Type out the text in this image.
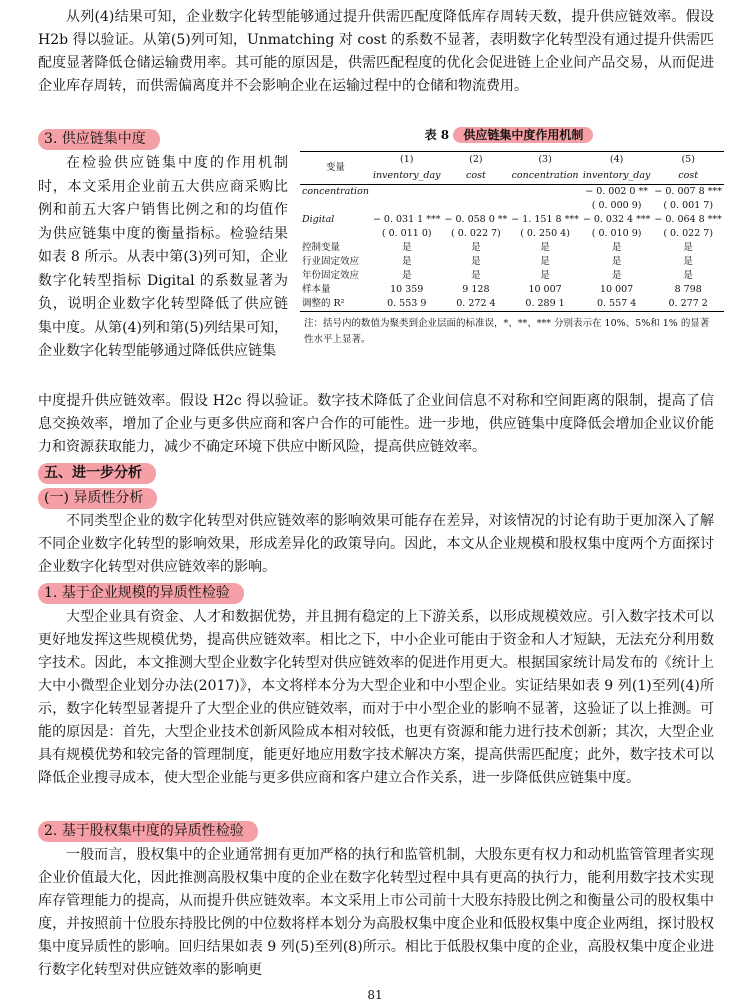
从列(4)结果可知，企业数字化转型能够通过提升供需匹配度降低库存周转天数，提升供应链效率。假设 H2b 得以验证。从第(5)列可知，Unmatching 对 cost 的系数不显著，表明数字化转型没有通过提升供需匹配度显著降低仓储运输费用率。其可能的原因是，供需匹配程度的优化会促进链上企业间产品交易，从而促进企业库存周转，而供需偏离度并不会影响企业在运输过程中的仓储和物流费用。
3. 供应链集中度
在检验供应链集中度的作用机制时，本文采用企业前五大供应商采购比例和前五大客户销售比例之和的均值作为供应链集中度的衡量指标。检验结果如表 8 所示。从表中第(3)列可知，企业数字化转型指标 Digital 的系数显著为负，说明企业数字化转型降低了供应链集中度。从第(4)列和第(5)列结果可知，企业数字化转型能够通过降低供应链集
表 8 供应链集中度作用机制
变量	(1)	(2)	(3)	(4)	(5)
	inventory_day	cost	concentration	inventory_day	cost
concentration				− 0. 002 0 **	− 0. 007 8 ***
				( 0. 000 9)	( 0. 001 7)
Digital	− 0. 031 1 ***	− 0. 058 0 **	− 1. 151 8 ***	− 0. 032 4 ***	− 0. 064 8 ***
	( 0. 011 0)	( 0. 022 7)	( 0. 250 4)	( 0. 010 9)	( 0. 022 7)
控制变量	是	是	是	是	是
行业固定效应	是	是	是	是	是
年份固定效应	是	是	是	是	是
样本量	10 359	9 128	10 007	10 007	8 798
调整的 R²	0. 553 9	0. 272 4	0. 289 1	0. 557 4	0. 277 2
注：括号内的数值为聚类到企业层面的标准误，*、**、*** 分别表示在 10%、5%和 1% 的显著性水平上显著。
中度提升供应链效率。假设 H2c 得以验证。数字技术降低了企业间信息不对称和空间距离的限制，提高了信息交换效率，增加了企业与更多供应商和客户合作的可能性。进一步地，供应链集中度降低会增加企业议价能力和资源获取能力，减少不确定环境下供应中断风险，提高供应链效率。
五、进一步分析
(一) 异质性分析
不同类型企业的数字化转型对供应链效率的影响效果可能存在差异，对该情况的讨论有助于更加深入了解不同企业数字化转型的影响效果，形成差异化的政策导向。因此，本文从企业规模和股权集中度两个方面探讨企业数字化转型对供应链效率的影响。
1. 基于企业规模的异质性检验
大型企业具有资金、人才和数据优势，并且拥有稳定的上下游关系，以形成规模效应。引入数字技术可以更好地发挥这些规模优势，提高供应链效率。相比之下，中小企业可能由于资金和人才短缺，无法充分利用数字技术。因此，本文推测大型企业数字化转型对供应链效率的促进作用更大。根据国家统计局发布的《统计上大中小微型企业划分办法(2017)》，本文将样本分为大型企业和中小型企业。实证结果如表 9 列(1)至列(4)所示，数字化转型显著提升了大型企业的供应链效率，而对于中小型企业的影响不显著，这验证了以上推测。可能的原因是：首先，大型企业技术创新风险成本相对较低，也更有资源和能力进行技术创新；其次，大型企业具有规模优势和较完备的管理制度，能更好地应用数字技术解决方案，提高供需匹配度；此外，数字技术可以降低企业搜寻成本，使大型企业能与更多供应商和客户建立合作关系，进一步降低供应链集中度。
2. 基于股权集中度的异质性检验
一般而言，股权集中的企业通常拥有更加严格的执行和监管机制，大股东更有权力和动机监管管理者实现企业价值最大化，因此推测高股权集中度的企业在数字化转型过程中具有更高的执行力，能利用数字技术实现库存管理能力的提高，从而提升供应链效率。本文采用上市公司前十大股东持股比例之和衡量公司的股权集中度，并按照前十位股东持股比例的中位数将样本划分为高股权集中度企业和低股权集中度企业两组，探讨股权集中度异质性的影响。回归结果如表 9 列(5)至列(8)所示。相比于低股权集中度的企业，高股权集中度企业进行数字化转型对供应链效率的影响更
81
